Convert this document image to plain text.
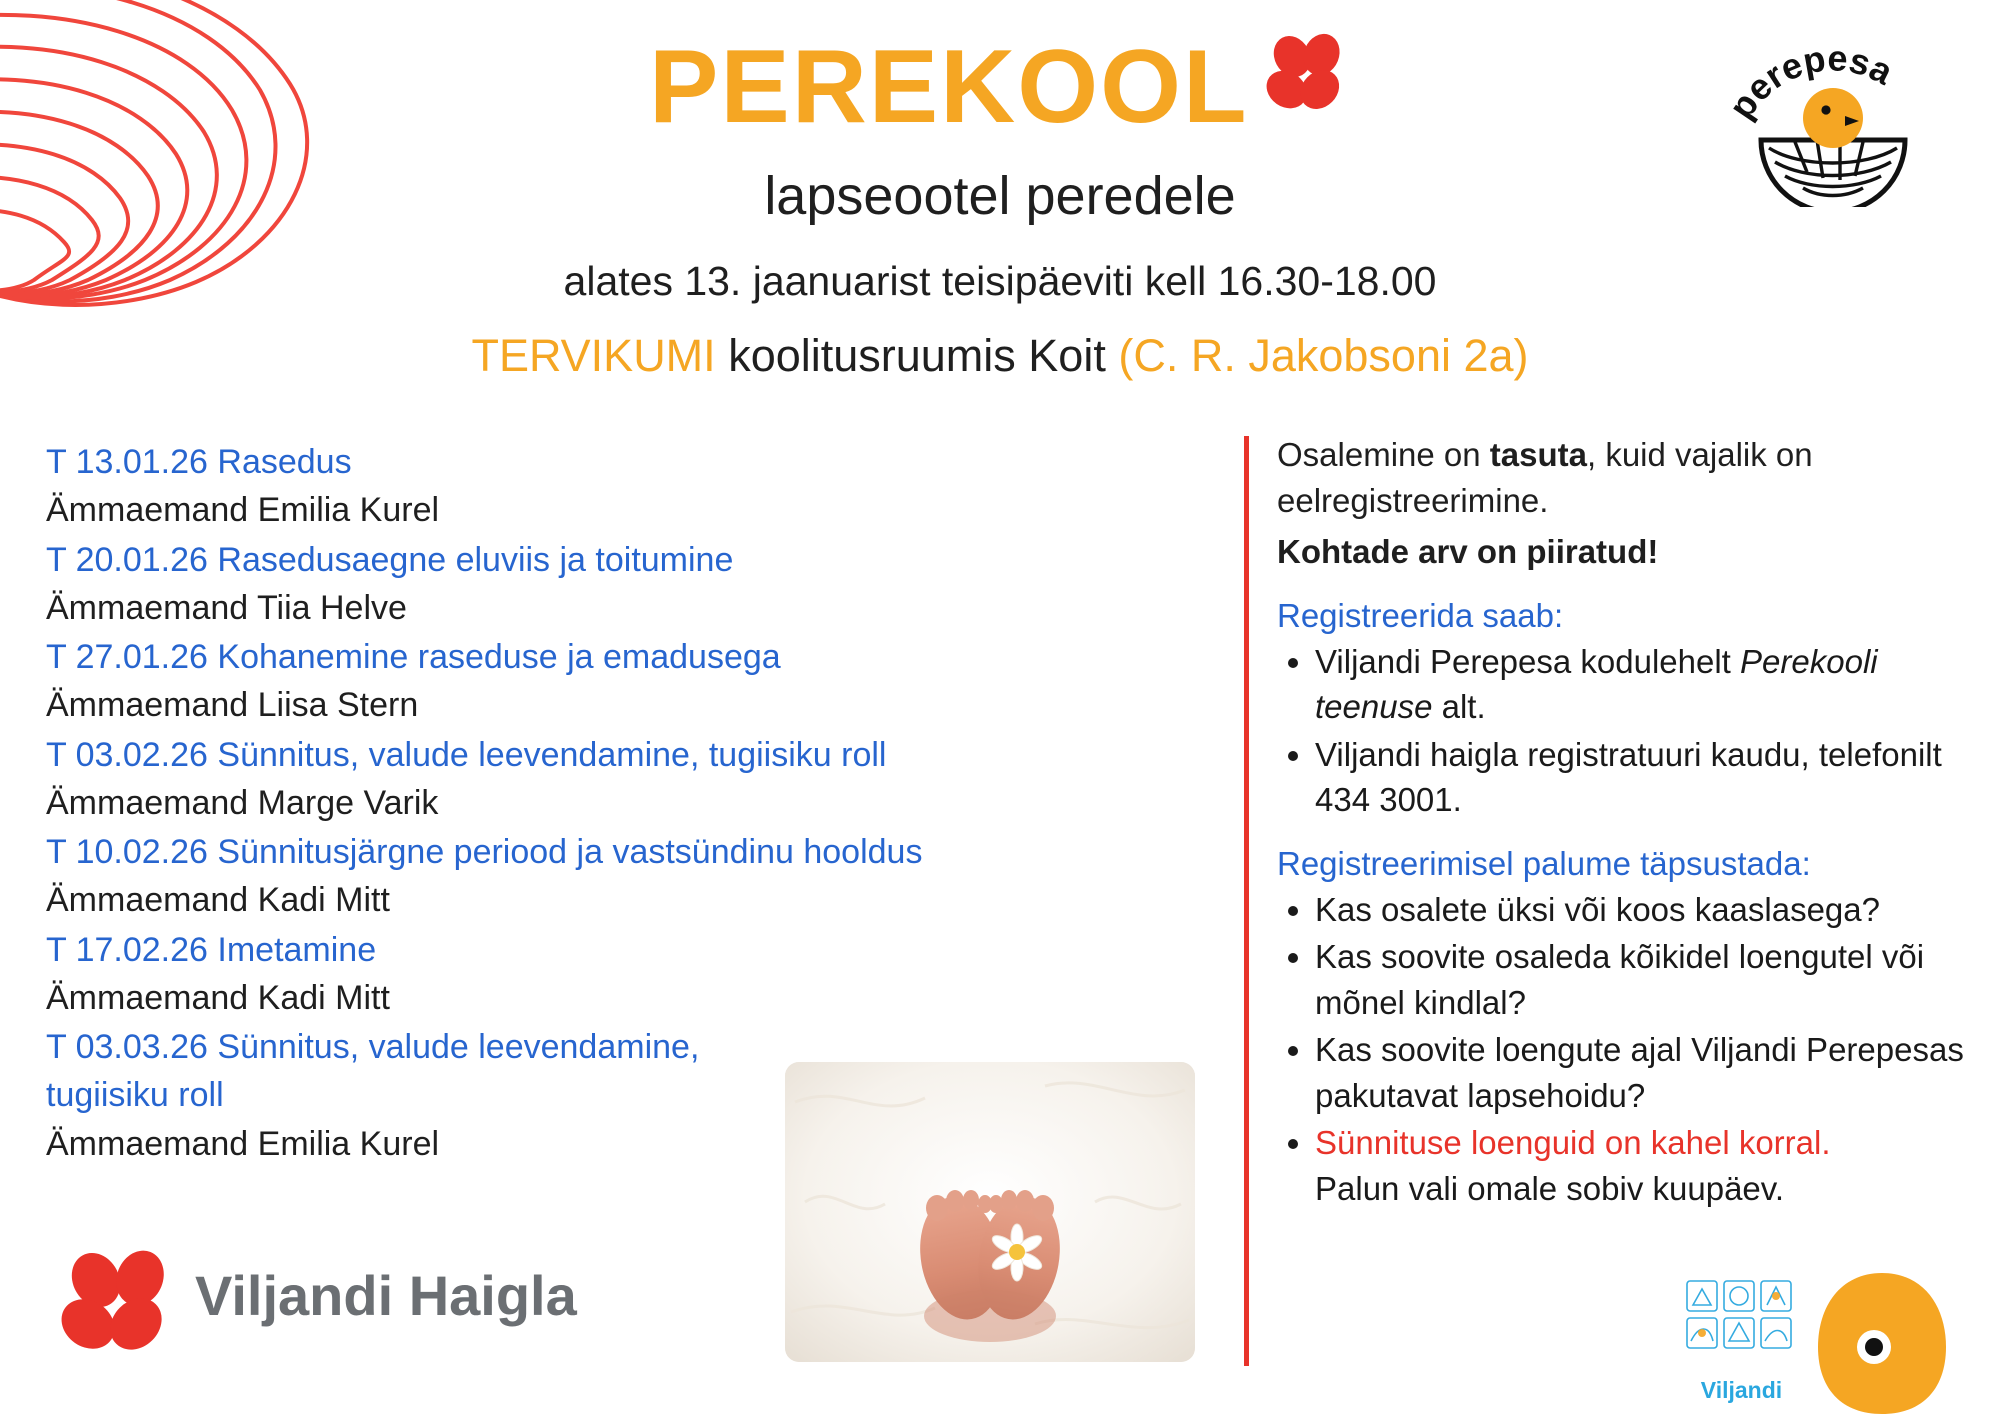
PEREKOOL
lapseootel peredele
alates 13. jaanuarist teisipäeviti kell 16.30-18.00
TERVIKUMI koolitusruumis Koit (C. R. Jakobsoni 2a)
perepesa
T 13.01.26 Rasedus
Ämmaemand Emilia Kurel
T 20.01.26 Rasedusaegne eluviis ja toitumine
Ämmaemand Tiia Helve
T 27.01.26 Kohanemine raseduse ja emadusega
Ämmaemand Liisa Stern
T 03.02.26 Sünnitus, valude leevendamine, tugiisiku roll
Ämmaemand Marge Varik
T 10.02.26 Sünnitusjärgne periood ja vastsündinu hooldus
Ämmaemand Kadi Mitt
T 17.02.26 Imetamine
Ämmaemand Kadi Mitt
T 03.03.26 Sünnitus, valude leevendamine, tugiisiku roll
Ämmaemand Emilia Kurel

Osalemine on tasuta, kuid vajalik on eelregistreerimine.

Kohtade arv on piiratud!

Registreerida saab:

• Viljandi Perepesa kodulehelt Perekooli teenuse alt.
• Viljandi haigla registratuuri kaudu, telefonilt 434 3001.

Registreerimisel palume täpsustada:

• Kas osalete üksi või koos kaaslasega?
• Kas soovite osaleda kõikidel loengutel või mõnel kindlal?
• Kas soovite loengute ajal Viljandi Perepesas pakutavat lapsehoidu?
• Sünnituse loenguid on kahel korral.
Palun vali omale sobiv kuupäev.
Viljandi Haigla
Viljandi
